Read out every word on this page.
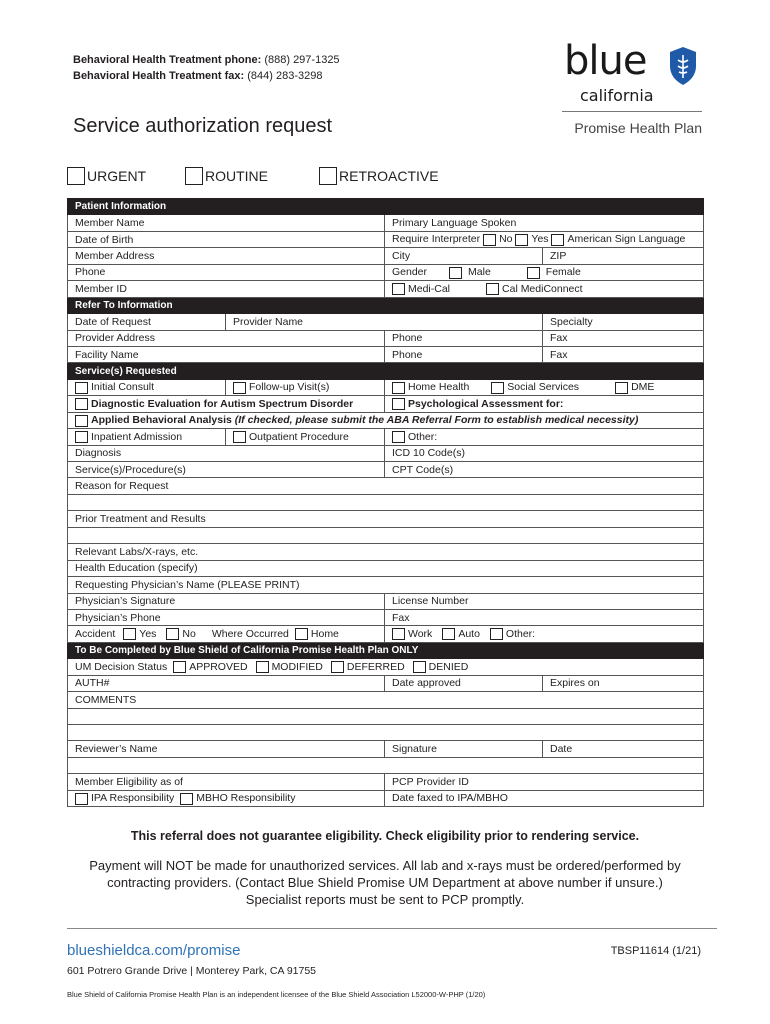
Behavioral Health Treatment phone: (888) 297-1325
Behavioral Health Treatment fax: (844) 283-3298	blue
california
Promise Health Plan
Service authorization request
URGENT	ROUTINE	RETROACTIVE
Patient Information			
Member Name		Primary Language Spoken	
Date of Birth		Require Interpreter No Yes American Sign Language	
Member Address		City	ZIP
Phone		Gender Male Female	
Member ID		Medi-Cal Cal MediConnect	
Refer To Information			
Date of Request	Provider Name		Specialty
Provider Address		Phone	Fax
Facility Name		Phone	Fax
Service(s) Requested			
Initial Consult	Follow-up Visit(s)	Home Health Social Services DME	
Diagnostic Evaluation for Autism Spectrum Disorder		Psychological Assessment for:	
Applied Behavioral Analysis (If checked, please submit the ABA Referral Form to establish medical necessity)			
Inpatient Admission	Outpatient Procedure	Other:	
Diagnosis		ICD 10 Code(s)	
Service(s)/Procedure(s)		CPT Code(s)	
Reason for Request			

Prior Treatment and Results			

Relevant Labs/X-rays, etc.			
Health Education (specify)			
Requesting Physician’s Name (PLEASE PRINT)			
Physician’s Signature		License Number	
Physician’s Phone		Fax	
Accident Yes No Where Occurred Home		Work Auto Other:	
To Be Completed by Blue Shield of California Promise Health Plan ONLY			
UM Decision Status APPROVED MODIFIED DEFERRED DENIED			
AUTH#		Date approved	Expires on
COMMENTS			

Reviewer’s Name		Signature	Date

Member Eligibility as of		PCP Provider ID	
IPA Responsibility MBHO Responsibility		Date faxed to IPA/MBHO	
This referral does not guarantee eligibility. Check eligibility prior to rendering service.
Payment will NOT be made for unauthorized services. All lab and x-rays must be ordered/performed by
contracting providers. (Contact Blue Shield Promise UM Department at above number if unsure.)
Specialist reports must be sent to PCP promptly.
blueshieldca.com/promise	TBSP11614 (1/21)
601 Potrero Grande Drive | Monterey Park, CA 91755
Blue Shield of California Promise Health Plan is an independent licensee of the Blue Shield Association L52000-W-PHP (1/20)
